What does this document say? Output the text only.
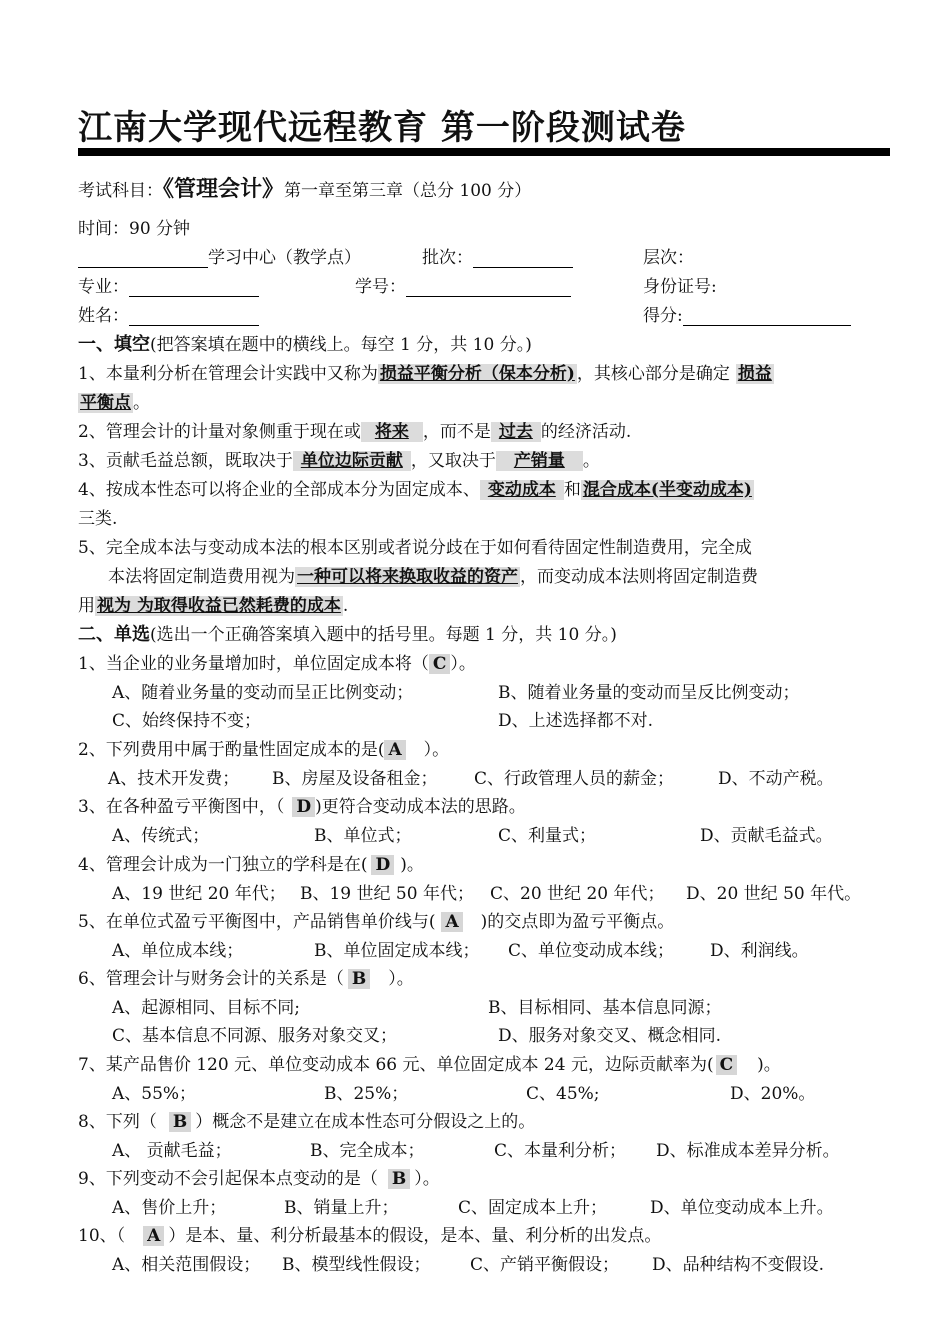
江南大学现代远程教育 第一阶段测试卷
考试科目：《管理会计》第一章至第三章（总分 100 分）
时间：90 分钟
学习中心（教学点）	批次：	层次：
专业：	学号：	身份证号:
姓名：	得分:
一、填空(把答案填在题中的横线上。每空 1 分，共 10 分。)
1、本量利分析在管理会计实践中又称为 损益平衡分析（保本分析) ，其核心部分是确定 损益
平衡点 。
2、管理会计的计量对象侧重于现在或 将来 ，而不是 过去 的经济活动.
3、贡献毛益总额，既取决于 单位边际贡献 ，又取决于 产销量 。
4、按成本性态可以将企业的全部成本分为固定成本、 变动成本 和 混合成本(半变动成本)
三类.
5、完全成本法与变动成本法的根本区别或者说分歧在于如何看待固定性制造费用，完全成
本法将固定制造费用视为 一种可以将来换取收益的资产 ，而变动成本法则将固定制造费
用 视为 为取得收益已然耗费的成本 .
二、单选(选出一个正确答案填入题中的括号里。每题 1 分，共 10 分。)
1、当企业的业务量增加时，单位固定成本将（ C ）。
A、随着业务量的变动而呈正比例变动；	B、随着业务量的变动而呈反比例变动；
C、始终保持不变；	D、上述选择都不对.
2、下列费用中属于酌量性固定成本的是( A ）。
A、技术开发费； B、房屋及设备租金； C、行政管理人员的薪金；	D、不动产税。
3、在各种盈亏平衡图中，（ D )更符合变动成本法的思路。
A、传统式；	B、单位式；	C、利量式；	D、贡献毛益式。
4、管理会计成为一门独立的学科是在( D )。
A、19 世纪 20 年代； B、19 世纪 50 年代； C、20 世纪 20 年代； D、20 世纪 50 年代。
5、在单位式盈亏平衡图中，产品销售单价线与( A )的交点即为盈亏平衡点。
A、单位成本线；	B、单位固定成本线； C、单位变动成本线； D、利润线。
6、管理会计与财务会计的关系是（ B ）。
A、起源相同、目标不同;	B、目标相同、基本信息同源；
C、基本信息不同源、服务对象交叉；	D、服务对象交叉、概念相同.
7、某产品售价 120 元、单位变动成本 66 元、单位固定成本 24 元，边际贡献率为( C )。
A、55%；	B、25%；	C、45%;	D、20%。
8、下列（ B ）概念不是建立在成本性态可分假设之上的。
A、 贡献毛益；	B、完全成本；	C、本量利分析； D、标准成本差异分析。
9、下列变动不会引起保本点变动的是（ B ）。
A、售价上升；	B、销量上升；	C、固定成本上升；	D、单位变动成本上升。
10、（ A ）是本、量、利分析最基本的假设，是本、量、利分析的出发点。
A、相关范围假设； B、模型线性假设； C、产销平衡假设； D、品种结构不变假设.
